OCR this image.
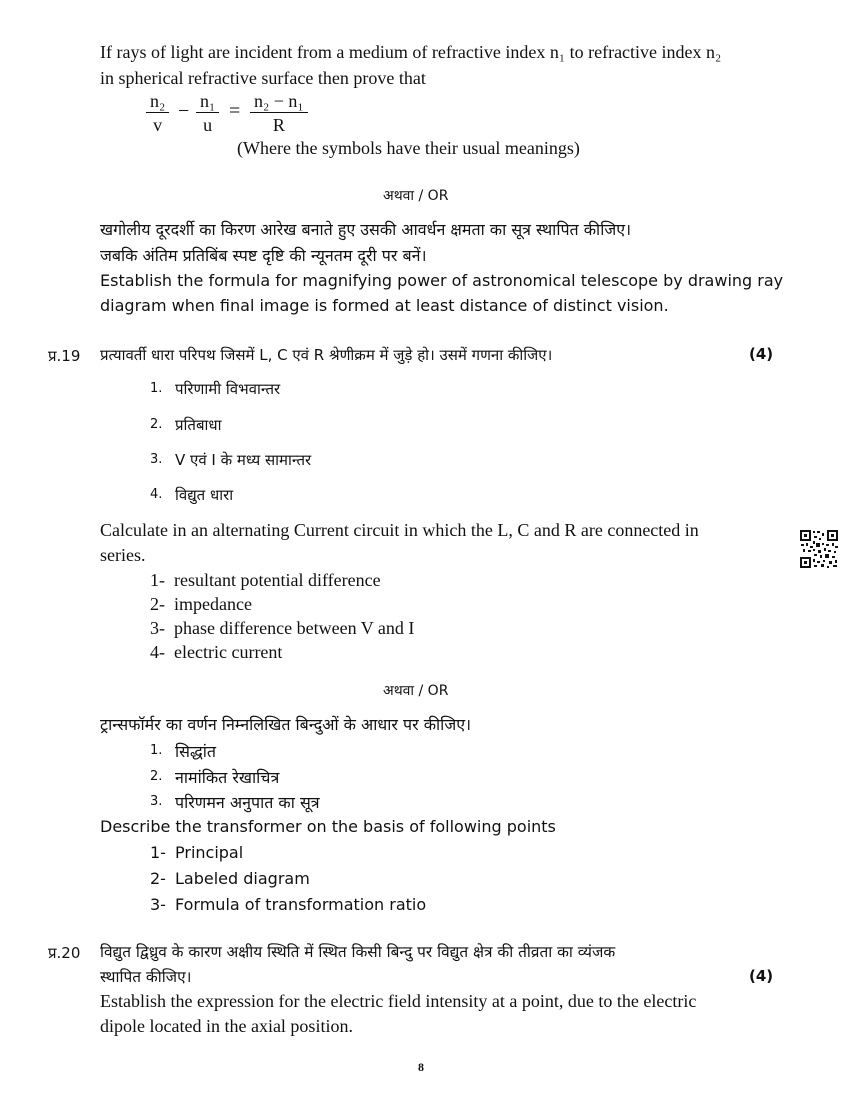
If rays of light are incident from a medium of refractive index n₁ to refractive index n₂
in spherical refractive surface then prove that
$\frac{\text{n₂}}{v} - \frac{\text{n₁}}{u} = \frac{\text{n₂ − n₁}}{R}$
(Where the symbols have their usual meanings)
अथवा / OR
खगोलीय दूरदर्शी का किरण आरेख बनाते हुए उसकी आवर्धन क्षमता का सूत्र स्थापित कीजिए।
जबकि अंतिम प्रतिबिंब स्पष्ट दृष्टि की न्यूनतम दूरी पर बनें।
Establish the formula for magnifying power of astronomical telescope by drawing ray
diagram when final image is formed at least distance of distinct vision.
प्र.19 प्रत्यावर्ती धारा परिपथ जिसमें L, C एवं R श्रेणीक्रम में जुड़े हो। उसमें गणना कीजिए।	(4)
1. परिणामी विभवान्तर
2. प्रतिबाधा
3. V एवं I के मध्य सामान्तर
4. विद्युत धारा
Calculate in an alternating Current circuit in which the L, C and R are connected in
series.
1- resultant potential difference
2- impedance
3- phase difference between V and I
4- electric current
अथवा / OR
ट्रान्सफॉर्मर का वर्णन निम्नलिखित बिन्दुओं के आधार पर कीजिए।
1. सिद्धांत
2. नामांकित रेखाचित्र
3. परिणमन अनुपात का सूत्र
Describe the transformer on the basis of following points
1- Principal
2- Labeled diagram
3- Formula of transformation ratio
प्र.20 विद्युत द्विध्रुव के कारण अक्षीय स्थिति में स्थित किसी बिन्दु पर विद्युत क्षेत्र की तीव्रता का व्यंजक
स्थापित कीजिए।	(4)
Establish the expression for the electric field intensity at a point, due to the electric
dipole located in the axial position.
8
